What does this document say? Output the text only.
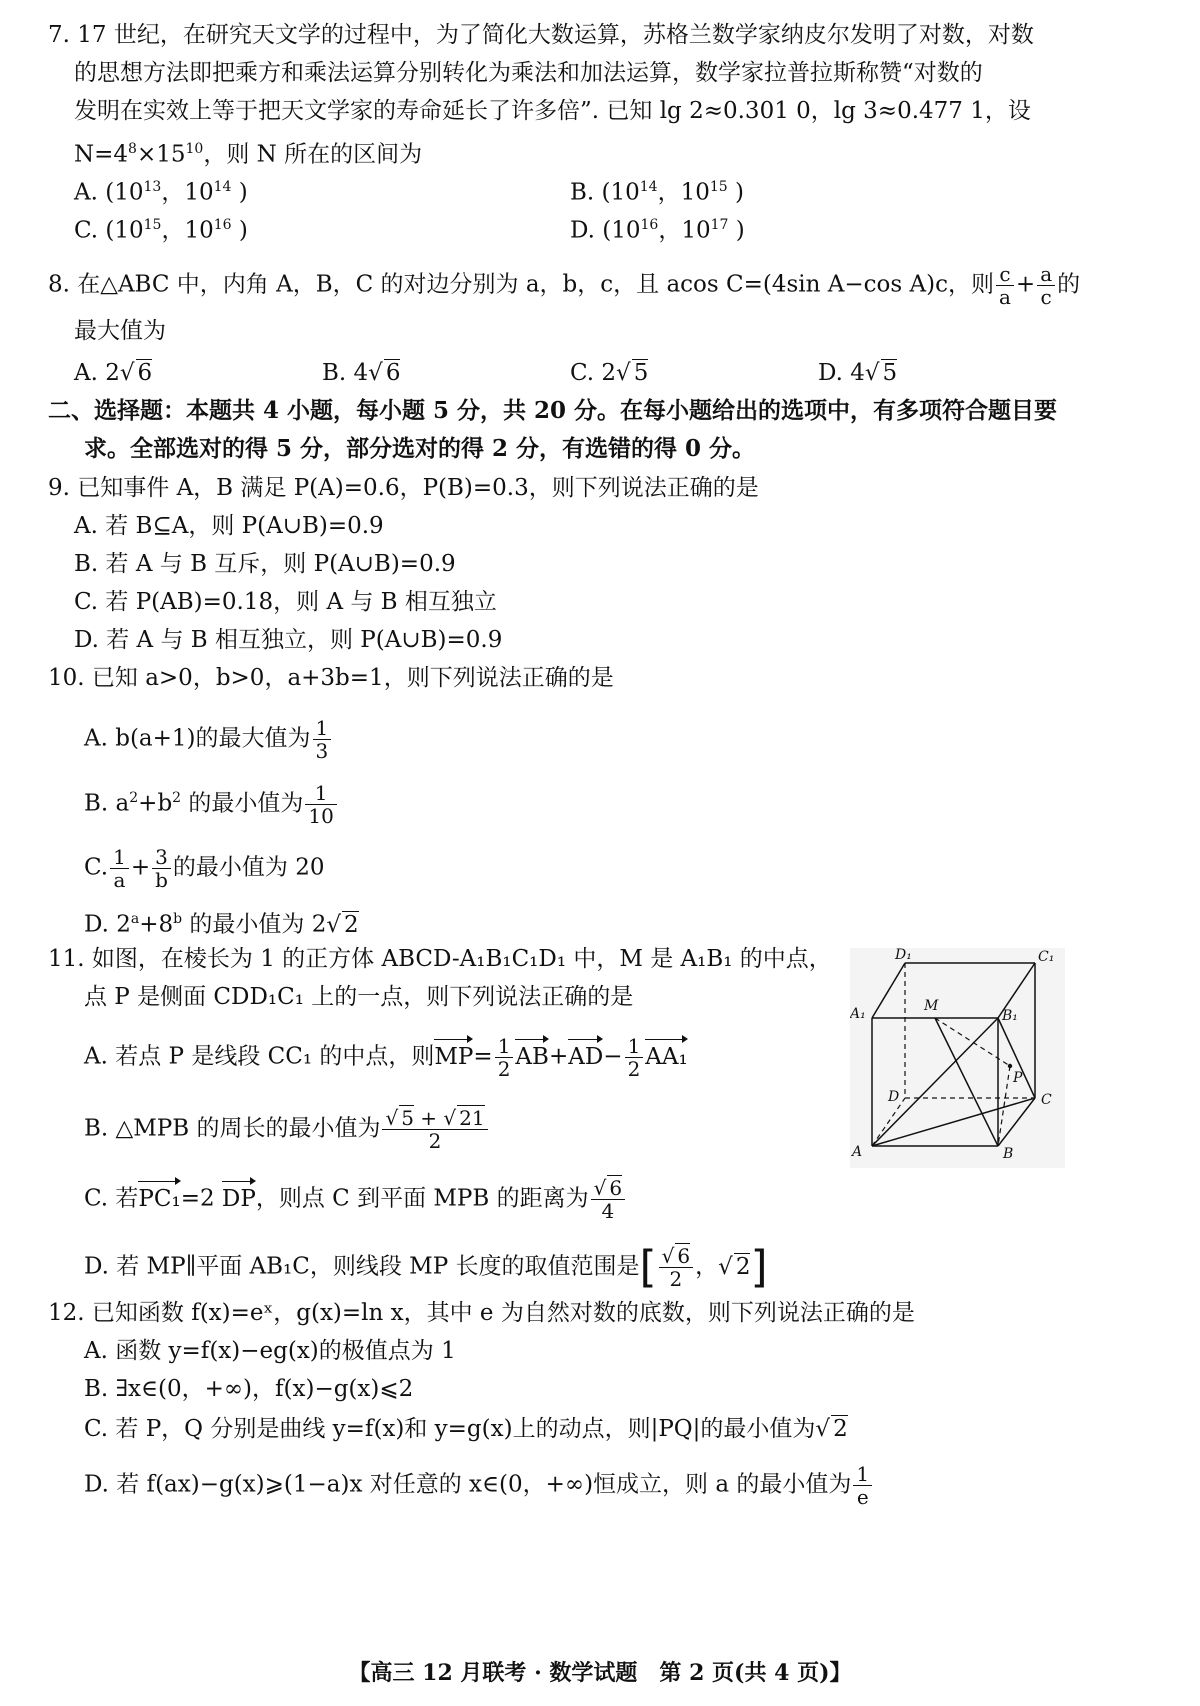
7. 17 世纪，在研究天文学的过程中，为了简化大数运算，苏格兰数学家纳皮尔发明了对数，对数
的思想方法即把乘方和乘法运算分别转化为乘法和加法运算，数学家拉普拉斯称赞“对数的
发明在实效上等于把天文学家的寿命延长了许多倍”. 已知 lg 2≈0.301 0，lg 3≈0.477 1，设
$N=4^8\times 15^{10}$，则 N 所在的区间为
A. ($10^{13}$，$10^{14}$ )	B. ($10^{14}$，$10^{15}$ )
C. ($10^{15}$，$10^{16}$ )	D. ($10^{16}$，$10^{17}$ )
8. 在△ABC 中，内角 A，B，C 的对边分别为 a，b，c，且 acos C=(4sin A−cos A)c，则 $\frac{c}{a} + \frac{a}{c}$ 的
最大值为
A. 2√ 6	B. 4√ 6	C. 2√ 5	D. 4√ 5
二、选择题：本题共 4 小题，每小题 5 分，共 20 分。在每小题给出的选项中，有多项符合题目要
求。全部选对的得 5 分，部分选对的得 2 分，有选错的得 0 分。
9. 已知事件 A，B 满足 P(A)=0.6，P(B)=0.3，则下列说法正确的是
A. 若 B⊆A，则 P(A∪B)=0.9
B. 若 A 与 B 互斥，则 P(A∪B)=0.9
C. 若 P(AB)=0.18，则 A 与 B 相互独立
D. 若 A 与 B 相互独立，则 P(A∪B)=0.9
10. 已知 a>0，b>0，a+3b=1，则下列说法正确的是
A. b(a+1)的最大值为 $\frac{1}{3}$
B. $a^2+b^2$ 的最小值为 $\frac{1}{10}$
C. $\frac{1}{a} + \frac{3}{b}$ 的最小值为 20
D. $2^a+8^b$ 的最小值为 2√ 2
11. 如图，在棱长为 1 的正方体 ABCD-A₁B₁C₁D₁ 中，M 是 A₁B₁ 的中点，
点 P 是侧面 CDD₁C₁ 上的一点，则下列说法正确的是
A. 若点 P 是线段 CC₁ 的中点，则$MP= \frac{1}{2} AB+AD- \frac{1}{2} AA_1$
B. △MPB 的周长的最小值为 $\frac{√ 5 + √ 21}{2}$
C. 若PC₁=2 DP，则点 C 到平面 MPB 的距离为 $\frac{√ 6}{4}$
D. 若 MP∥平面 AB₁C，则线段 MP 长度的取值范围是[ $\frac{√ 6}{2}$ ，√ 2]
D₁	C₁
A₁	M
B₁
P
D	C
A	B
12. 已知函数 f(x)=eˣ，g(x)=ln x，其中 e 为自然对数的底数，则下列说法正确的是
A. 函数 y=f(x)−eg(x)的极值点为 1
B. ∃x∈(0，+∞)，f(x)−g(x)⩽2
C. 若 P，Q 分别是曲线 y=f(x)和 y=g(x)上的动点，则|PQ|的最小值为√ 2
D. 若 f(ax)−g(x)⩾(1−a)x 对任意的 x∈(0，+∞)恒成立，则 a 的最小值为 $\frac{1}{e}$
【高三 12 月联考 · 数学试题　第 2 页(共 4 页)】
